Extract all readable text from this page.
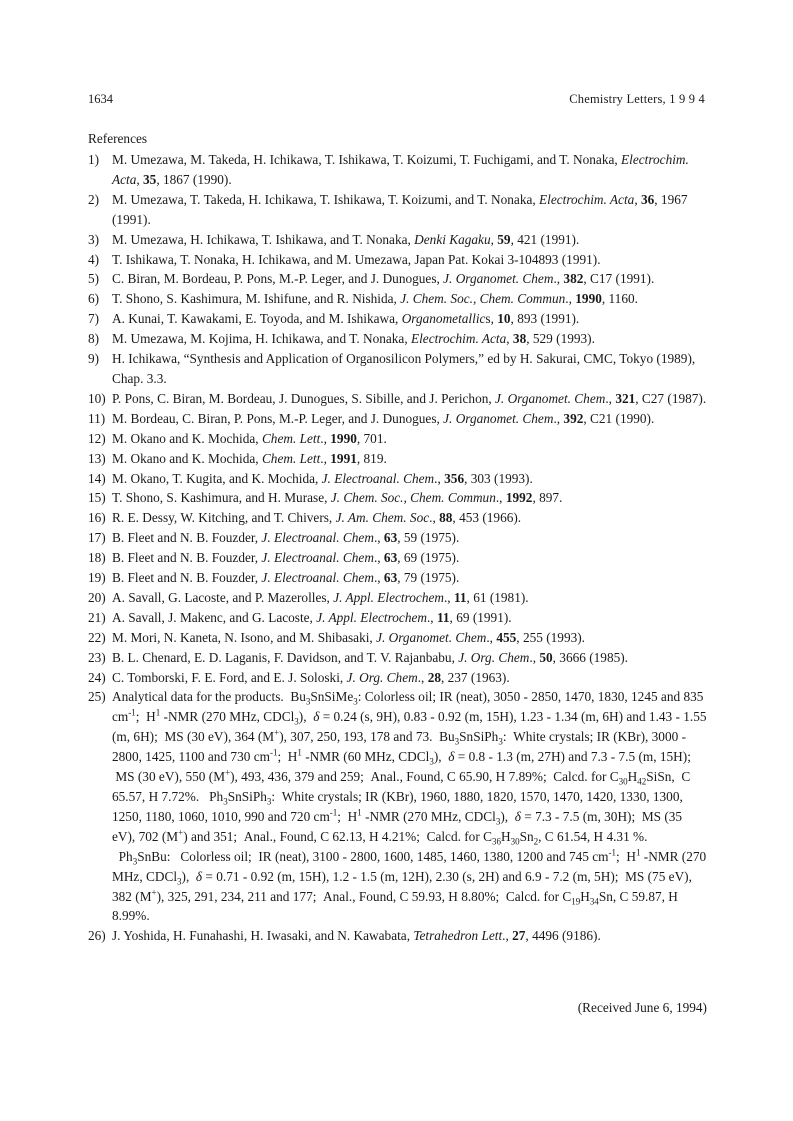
1634	Chemistry Letters, 1 9 9 4
References
1) M. Umezawa, M. Takeda, H. Ichikawa, T. Ishikawa, T. Koizumi, T. Fuchigami, and T. Nonaka, Electrochim. Acta, 35, 1867 (1990).
2) M. Umezawa, T. Takeda, H. Ichikawa, T. Ishikawa, T. Koizumi, and T. Nonaka, Electrochim. Acta, 36, 1967 (1991).
3) M. Umezawa, H. Ichikawa, T. Ishikawa, and T. Nonaka, Denki Kagaku, 59, 421 (1991).
4) T. Ishikawa, T. Nonaka, H. Ichikawa, and M. Umezawa, Japan Pat. Kokai 3-104893 (1991).
5) C. Biran, M. Bordeau, P. Pons, M.-P. Leger, and J. Dunogues, J. Organomet. Chem., 382, C17 (1991).
6) T. Shono, S. Kashimura, M. Ishifune, and R. Nishida, J. Chem. Soc., Chem. Commun., 1990, 1160.
7) A. Kunai, T. Kawakami, E. Toyoda, and M. Ishikawa, Organometallics, 10, 893 (1991).
8) M. Umezawa, M. Kojima, H. Ichikawa, and T. Nonaka, Electrochim. Acta, 38, 529 (1993).
9) H. Ichikawa, “Synthesis and Application of Organosilicon Polymers,” ed by H. Sakurai, CMC, Tokyo (1989), Chap. 3.3.
10) P. Pons, C. Biran, M. Bordeau, J. Dunogues, S. Sibille, and J. Perichon, J. Organomet. Chem., 321, C27 (1987).
11) M. Bordeau, C. Biran, P. Pons, M.-P. Leger, and J. Dunogues, J. Organomet. Chem., 392, C21 (1990).
12) M. Okano and K. Mochida, Chem. Lett., 1990, 701.
13) M. Okano and K. Mochida, Chem. Lett., 1991, 819.
14) M. Okano, T. Kugita, and K. Mochida, J. Electroanal. Chem., 356, 303 (1993).
15) T. Shono, S. Kashimura, and H. Murase, J. Chem. Soc., Chem. Commun., 1992, 897.
16) R. E. Dessy, W. Kitching, and T. Chivers, J. Am. Chem. Soc., 88, 453 (1966).
17) B. Fleet and N. B. Fouzder, J. Electroanal. Chem., 63, 59 (1975).
18) B. Fleet and N. B. Fouzder, J. Electroanal. Chem., 63, 69 (1975).
19) B. Fleet and N. B. Fouzder, J. Electroanal. Chem., 63, 79 (1975).
20) A. Savall, G. Lacoste, and P. Mazerolles, J. Appl. Electrochem., 11, 61 (1981).
21) A. Savall, J. Makenc, and G. Lacoste, J. Appl. Electrochem., 11, 69 (1991).
22) M. Mori, N. Kaneta, N. Isono, and M. Shibasaki, J. Organomet. Chem., 455, 255 (1993).
23) B. L. Chenard, E. D. Laganis, F. Davidson, and T. V. Rajanbabu, J. Org. Chem., 50, 3666 (1985).
24) C. Tomborski, F. E. Ford, and E. J. Soloski, J. Org. Chem., 28, 237 (1963).
25) Analytical data for the products.  $Bu_3SnSiMe_3$: Colorless oil; IR (neat), 3050 - 2850, 1470, 1830, 1245 and 835 $cm^{-1}$;  $H^1$ -NMR (270 MHz, CDCl$_3$),  δ = 0.24 (s, 9H), 0.83 - 0.92 (m, 15H), 1.23 - 1.34 (m, 6H) and 1.43 - 1.55 (m, 6H);  MS (30 eV), 364 (M+), 307, 250, 193, 178 and 73.  $Bu_3SnSiPh_3$:  White crystals; IR (KBr), 3000 - 2800, 1425, 1100 and 730 $cm^{-1}$;  $H^1$ -NMR (60 MHz, CDCl$_3$),  δ = 0.8 - 1.3 (m, 27H) and 7.3 - 7.5 (m, 15H);  MS (30 eV), 550 (M+), 493, 436, 379 and 259;  Anal., Found, C 65.90, H 7.89%;  Calcd. for $C_{30}H_{42}SiSn$,  C 65.57, H 7.72%.   $Ph_3SnSiPh_3$:  White crystals; IR (KBr), 1960, 1880, 1820, 1570, 1470, 1420, 1330, 1300, 1250, 1180, 1060, 1010, 990 and 720 $cm^{-1}$;  $H^1$ -NMR (270 MHz, CDCl$_3$),  δ = 7.3 - 7.5 (m, 30H);  MS (35 eV), 702 (M+) and 351;  Anal., Found, C 62.13, H 4.21%;  Calcd. for $C_{36}H_{30}Sn_2$, C 61.54, H 4.31 %.   $Ph_3SnBu$:   Colorless oil;  IR (neat), 3100 - 2800, 1600, 1485, 1460, 1380, 1200 and 745 $cm^{-1}$;  $H^1$ -NMR (270 MHz, CDCl$_3$),  δ = 0.71 - 0.92 (m, 15H), 1.2 - 1.5 (m, 12H), 2.30 (s, 2H) and 6.9 - 7.2 (m, 5H);  MS (75 eV), 382 (M+), 325, 291, 234, 211 and 177;  Anal., Found, C 59.93, H 8.80%;  Calcd. for $C_{19}H_{34}Sn$, C 59.87, H 8.99%.
26) J. Yoshida, H. Funahashi, H. Iwasaki, and N. Kawabata, Tetrahedron Lett., 27, 4496 (9186).
(Received June 6, 1994)
